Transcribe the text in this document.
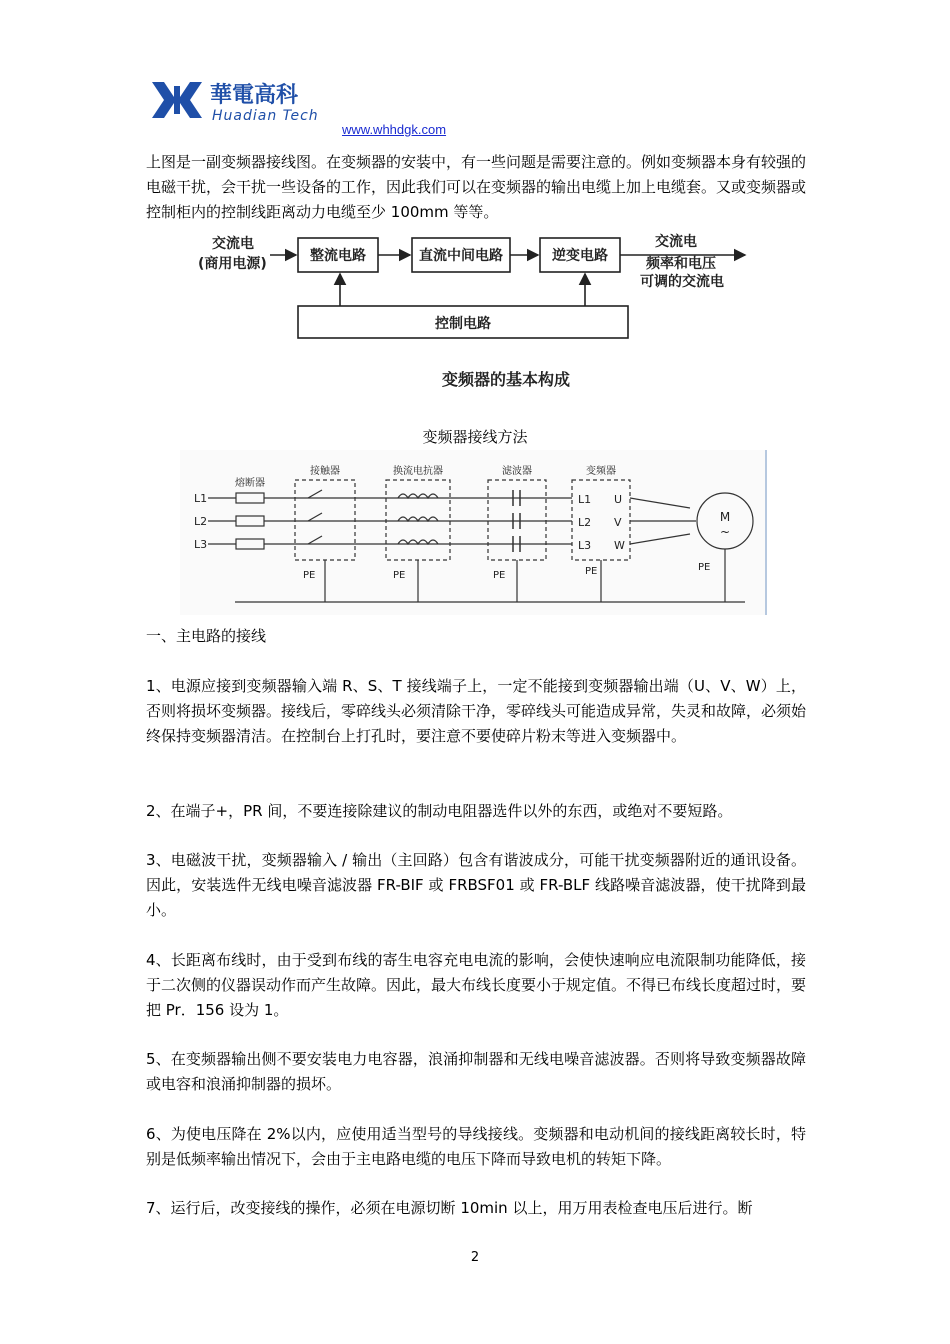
華電高科
Huadian Tech
www.whhdgk.com
上图是一副变频器接线图。在变频器的安装中，有一些问题是需要注意的。例如变频器本身有较强的电磁干扰，会干扰一些设备的工作，因此我们可以在变频器的输出电缆上加上电缆套。又或变频器或控制柜内的控制线距离动力电缆至少 100mm 等等。
交流电
(商用电源)	整流电路	直流中间电路	逆变电路
交流电
频率和电压
可调的交流电
控制电路
变频器的基本构成
变频器接线方法
L1
L2
L3
熔断器
接触器	换流电抗器	滤波器	变频器
L1
L2
L3
U
V
W
M
~
PE	PE	PE	PE	PE
一、主电路的接线
1、电源应接到变频器输入端 R、S、T 接线端子上，一定不能接到变频器输出端（U、V、W）上，否则将损坏变频器。接线后，零碎线头必须清除干净，零碎线头可能造成异常，失灵和故障，必须始终保持变频器清洁。在控制台上打孔时，要注意不要使碎片粉末等进入变频器中。
2、在端子+，PR 间，不要连接除建议的制动电阻器选件以外的东西，或绝对不要短路。
3、电磁波干扰，变频器输入 / 输出（主回路）包含有谐波成分，可能干扰变频器附近的通讯设备。因此，安装选件无线电噪音滤波器 FR-BIF 或 FRBSF01 或 FR-BLF 线路噪音滤波器，使干扰降到最小。
4、长距离布线时，由于受到布线的寄生电容充电电流的影响，会使快速响应电流限制功能降低，接于二次侧的仪器误动作而产生故障。因此，最大布线长度要小于规定值。不得已布线长度超过时，要把 Pr．156 设为 1。
5、在变频器输出侧不要安装电力电容器，浪涌抑制器和无线电噪音滤波器。否则将导致变频器故障或电容和浪涌抑制器的损坏。
6、为使电压降在 2%以内，应使用适当型号的导线接线。变频器和电动机间的接线距离较长时，特别是低频率输出情况下，会由于主电路电缆的电压下降而导致电机的转矩下降。
7、运行后，改变接线的操作，必须在电源切断 10min 以上，用万用表检查电压后进行。断
2
